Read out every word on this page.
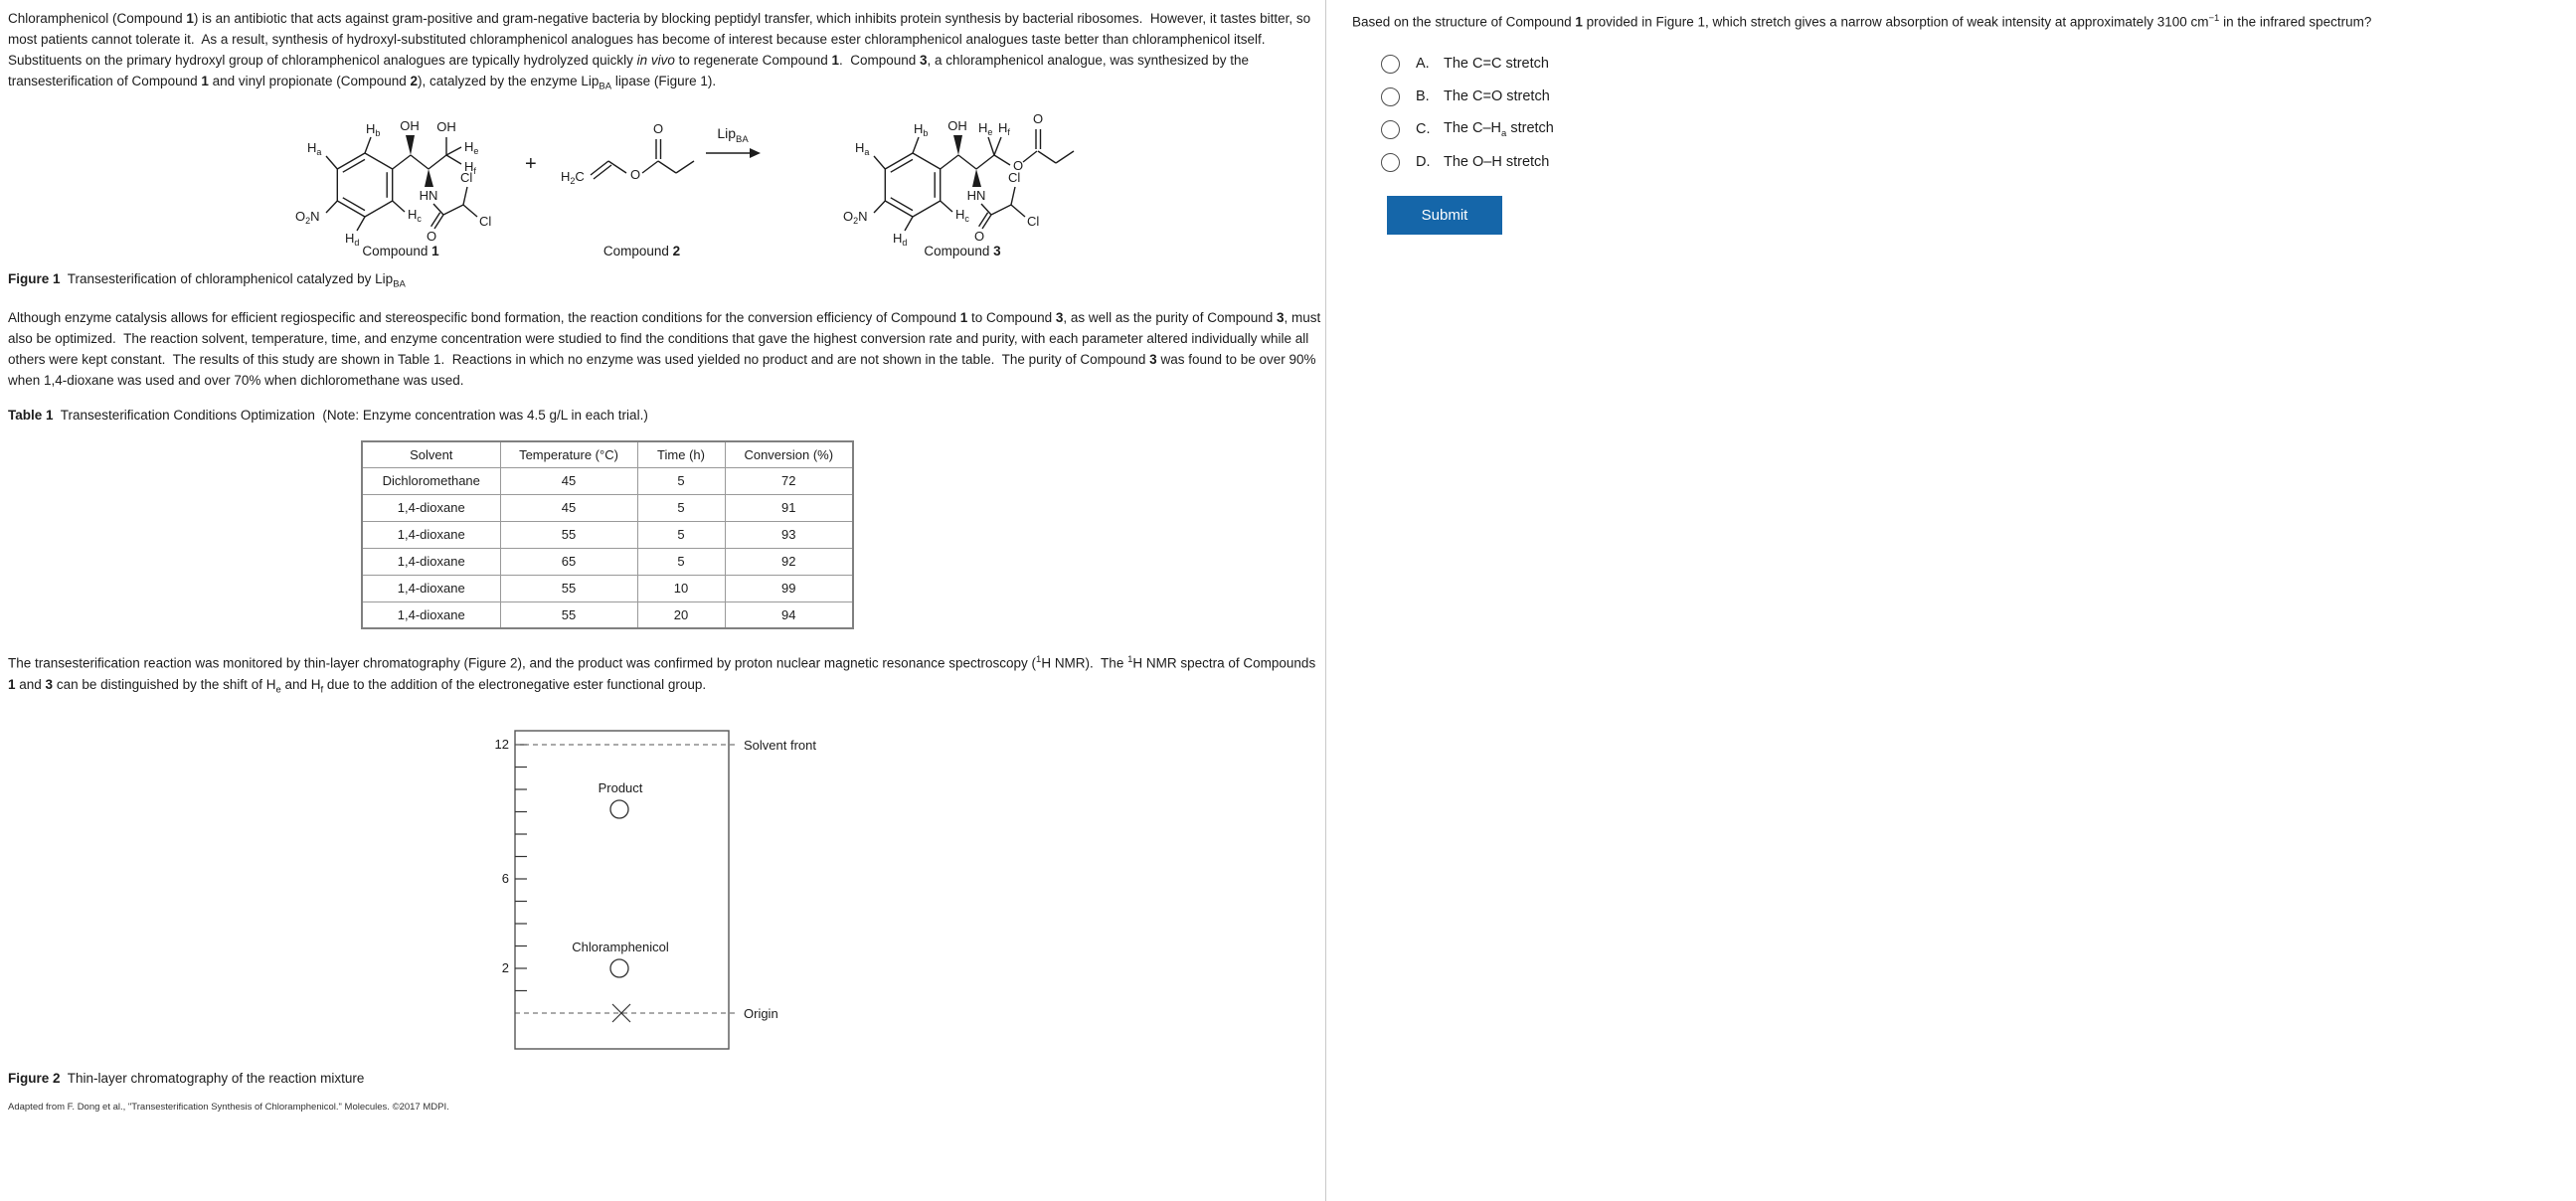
Chloramphenicol (Compound 1) is an antibiotic that acts against gram-positive and gram-negative bacteria by blocking peptidyl transfer, which inhibits protein synthesis by bacterial ribosomes.  However, it tastes bitter, so most patients cannot tolerate it.  As a result, synthesis of hydroxyl-substituted chloramphenicol analogues has become of interest because ester chloramphenicol analogues taste better than chloramphenicol itself.  Substituents on the primary hydroxyl group of chloramphenicol analogues are typically hydrolyzed quickly in vivo to regenerate Compound 1.  Compound 3, a chloramphenicol analogue, was synthesized by the transesterification of Compound 1 and vinyl propionate (Compound 2), catalyzed by the enzyme Lip$_{BA}$ lipase (Figure 1).

$H_b$
$H_a$
$O_2N$
$H_d$
$H_c$
OH OH
$H_e$
$H_f$
HN
O
Cl
Cl
+
$H_2C$	O
O	Lip$_{BA}$
$H_b$
$H_a$
$O_2N$
$H_d$
$H_c$
OH $H_e$ $H_f$
O
O
HN
O
Cl
Cl
Compound 1	Compound 2	Compound 3

Figure 1  Transesterification of chloramphenicol catalyzed by Lip$_{BA}$

Although enzyme catalysis allows for efficient regiospecific and stereospecific bond formation, the reaction conditions for the conversion efficiency of Compound 1 to Compound 3, as well as the purity of Compound 3, must also be optimized.  The reaction solvent, temperature, time, and enzyme concentration were studied to find the conditions that gave the highest conversion rate and purity, with each parameter altered individually while all others were kept constant.  The results of this study are shown in Table 1.  Reactions in which no enzyme was used yielded no product and are not shown in the table.  The purity of Compound 3 was found to be over 90% when 1,4-dioxane was used and over 70% when dichloromethane was used.

Table 1  Transesterification Conditions Optimization  (Note: Enzyme concentration was 4.5 g/L in each trial.)

Solvent	Temperature (°C)	Time (h)	Conversion (%)
Dichloromethane	45	5	72
1,4-dioxane	45	5	91
1,4-dioxane	55	5	93
1,4-dioxane	65	5	92
1,4-dioxane	55	10	99
1,4-dioxane	55	20	94

The transesterification reaction was monitored by thin-layer chromatography (Figure 2), and the product was confirmed by proton nuclear magnetic resonance spectroscopy ($^1$H NMR).  The $^1$H NMR spectra of Compounds 1 and 3 can be distinguished by the shift of $H_e$ and $H_f$ due to the addition of the electronegative ester functional group.

12
6
2
Solvent front
Origin
Product
Chloramphenicol

Figure 2  Thin-layer chromatography of the reaction mixture

Adapted from F. Dong et al., "Transesterification Synthesis of Chloramphenicol." Molecules. ©2017 MDPI.

Based on the structure of Compound 1 provided in Figure 1, which stretch gives a narrow absorption of weak intensity at approximately 3100 $cm^{-1}$ in the infrared spectrum?

A. The C=C stretch
B. The C=O stretch
C. The $C-H_a$ stretch
D. The O–H stretch
Submit
